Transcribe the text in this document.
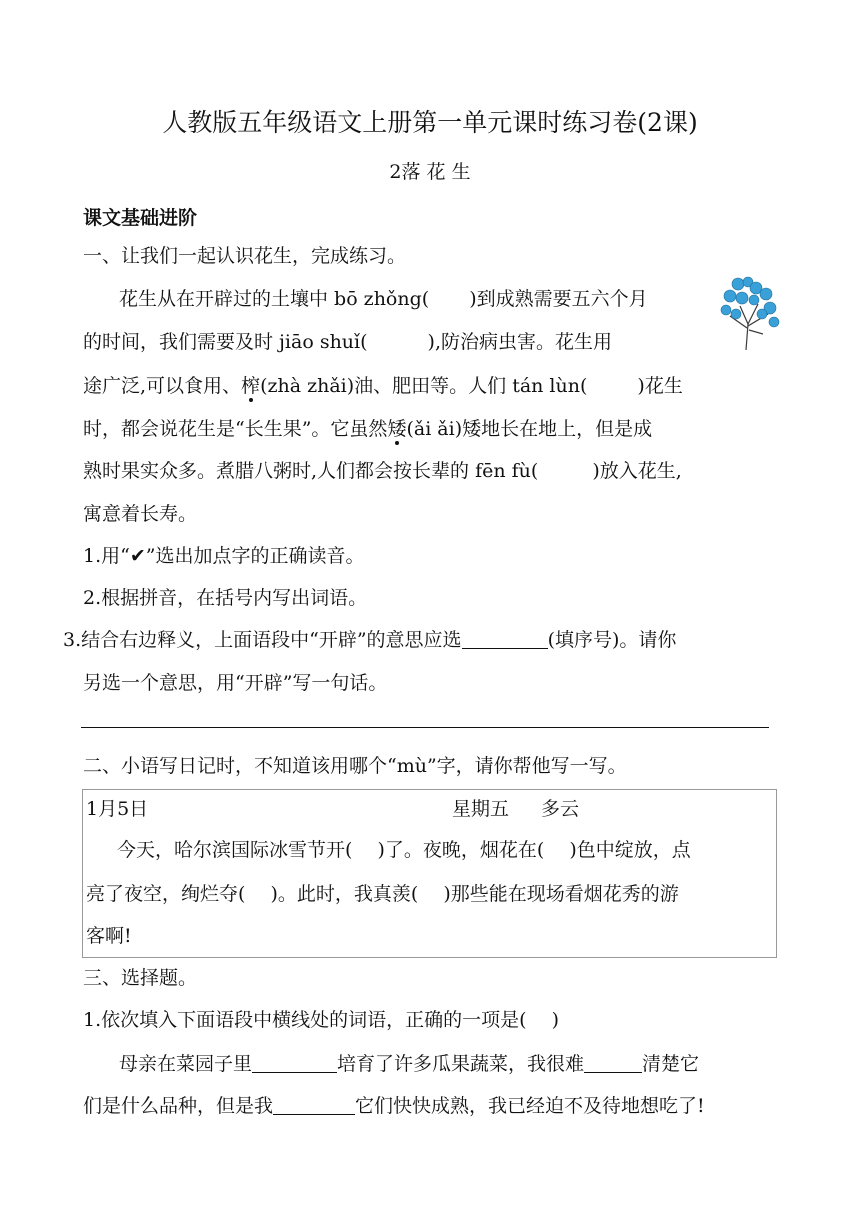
人教版五年级语文上册第一单元课时练习卷(2课)
2落 花 生
课文基础进阶
一、让我们一起认识花生，完成练习。
花生从在开辟过的土壤中 bō zhǒng( )到成熟需要五六个月
的时间，我们需要及时 jiāo shuǐ(	),防治病虫害。花生用
途广泛,可以食用、榨(zhà zhǎi)油、肥田等。人们 tán lùn(	)花生
时，都会说花生是“长生果”。它虽然矮(ǎi ǎi)矮地长在地上，但是成
熟时果实众多。煮腊八粥时,人们都会按长辈的 fēn fù(	)放入花生,
寓意着长寿。
1.用“✔”选出加点字的正确读音。
2.根据拼音，在括号内写出词语。
3.结合右边释义，上面语段中“开辟”的意思应选	(填序号)。请你
另选一个意思，用“开辟”写一句话。
二、小语写日记时，不知道该用哪个“mù”字，请你帮他写一写。
1月5日	星期五 多云
今天，哈尔滨国际冰雪节开(　 )了。夜晚，烟花在(　 )色中绽放，点
亮了夜空，绚烂夺(　 )。此时，我真羡(　 )那些能在现场看烟花秀的游
客啊!
三、选择题。
1.依次填入下面语段中横线处的词语，正确的一项是(　 )
母亲在菜园子里	培育了许多瓜果蔬菜，我很难	清楚它
们是什么品种，但是我	它们快快成熟，我已经迫不及待地想吃了!
